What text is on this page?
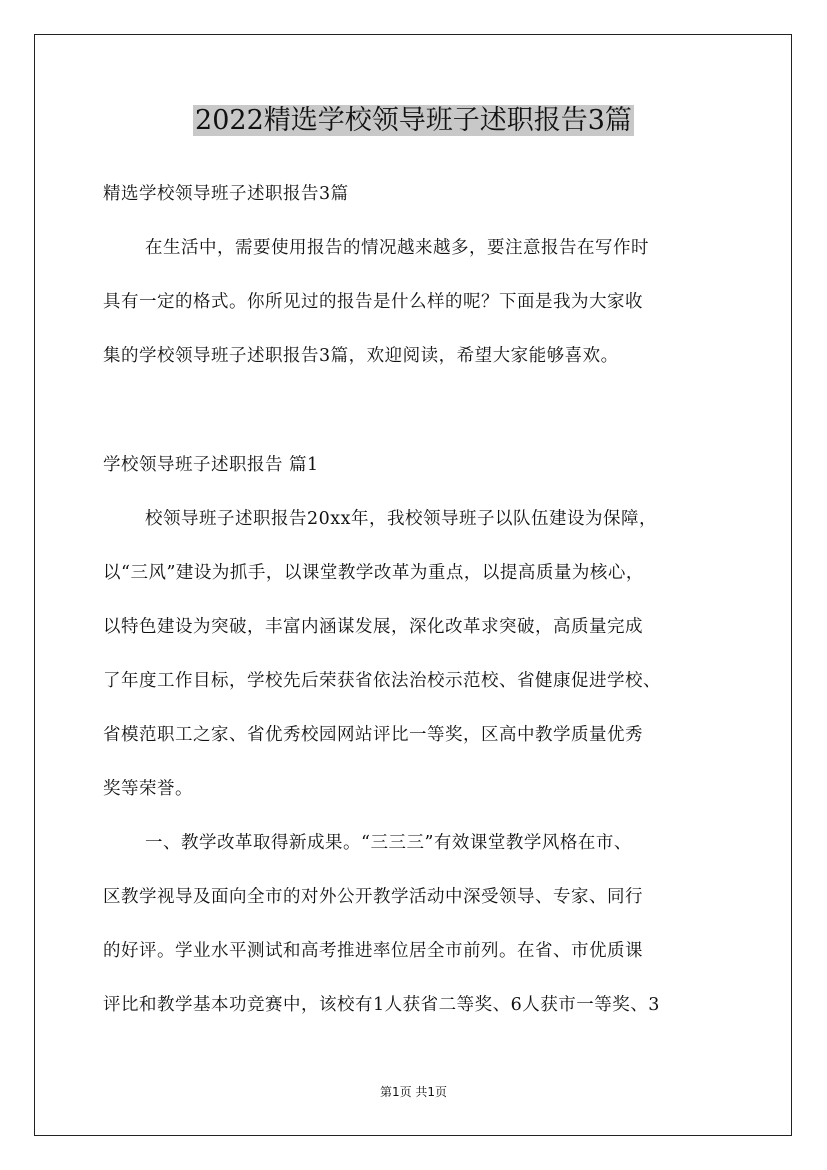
2022精选学校领导班子述职报告3篇

精选学校领导班子述职报告3篇

在生活中，需要使用报告的情况越来越多，要注意报告在写作时

具有一定的格式。你所见过的报告是什么样的呢？下面是我为大家收

集的学校领导班子述职报告3篇，欢迎阅读，希望大家能够喜欢。

学校领导班子述职报告 篇1

校领导班子述职报告20xx年，我校领导班子以队伍建设为保障，

以“三风”建设为抓手，以课堂教学改革为重点，以提高质量为核心，

以特色建设为突破，丰富内涵谋发展，深化改革求突破，高质量完成

了年度工作目标，学校先后荣获省依法治校示范校、省健康促进学校、

省模范职工之家、省优秀校园网站评比一等奖，区高中教学质量优秀

奖等荣誉。

一、教学改革取得新成果。“三三三”有效课堂教学风格在市、

区教学视导及面向全市的对外公开教学活动中深受领导、专家、同行

的好评。学业水平测试和高考推进率位居全市前列。在省、市优质课

评比和教学基本功竞赛中，该校有1人获省二等奖、6人获市一等奖、3

第1页 共1页
